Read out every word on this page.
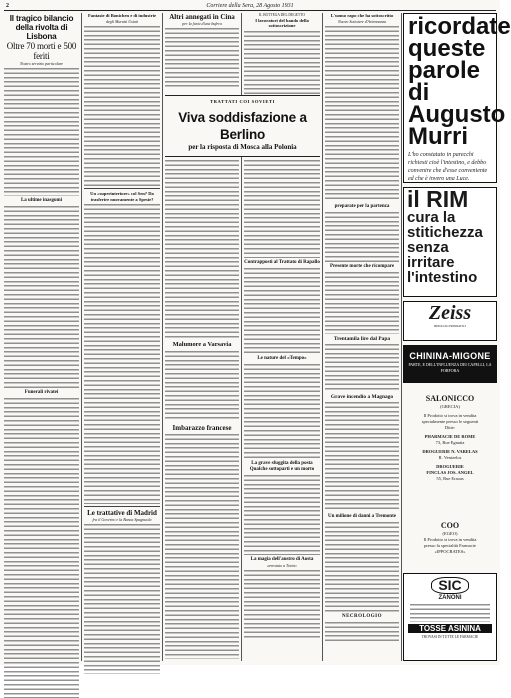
2	Corriere della Sera, 28 Agosto 1931
Il tragico bilancio della rivolta di Lisbona
Oltre 70 morti e 500 feriti
Nostro servizio particolare
La ultime inasgomi
Funerali rivatei
Fantasie di Bonichen e di industrie
degli Muratti Usiati
Un «superinteriore» col Sen? Da trasferire nuovamente a Spesie?
Le trattative di Madrid
fra il Governo e la Banca Spagnuola
Altri annegati in Cina
per la furia d'una bufera
TRATTATI COI SOVIETI
Viva soddisfazione a Berlino
per la risposta di Mosca alla Polonia
Malumore a Varsavia
Imbarazzo francese
IL BOTTEGA DEL DEGETTO
I lavoratori del bando della sottoscrizione
Contrapposti al Trattato di Rapallo
Le nature del «Tempo»
La grave sfuggita della posta
Qualche sottoparti e un morto
La magia dell'austro di Aosta
arrestato a Torino
L'uomo rapo che ha sottoscritto
Nuovo Sottotere d'Artennanza
preparate per la partenza
Presente morte che ricompare
Trentamila lire dal Papa
Grave incendio a Magnago
Un milione di danni a Tremonte
NECROLOGIO
ricordate
queste
parole
di
Augusto
Murri
L'ho constatato in parecchi richiesti cioè l'intestino, e debbo convenire che d'esse conveniente ed che è invero una Luce.
il RIM
cura la
stitichezza
senza
irritare
l'intestino
Zeiss
BINOCOLI PRISMATICI
CHININA-MIGONE
PARTE, E DELL'INFLUENZA DEI CAPELLI, LA FORFORA
SALONICCO
(GRECIA)
Il Prodotto si trova in vendita
specialmente presso le seguenti
Ditte:
PHARMACIE DE ROME
73, Rue Egnatia
DROGUERIE N. VARELAS
R. Venizelos
DROGUERIE
FINCLAS JOS. ANGEL
55, Rue Eraoas
COO
(EGEO)
Il Prodotto si trova in vendita
presso la specialità Farmacie
«IPPOCRATES»
SIC
ZANONI
TOSSE ASININA
TROVASI IN TUTTE LE FARMACIE
